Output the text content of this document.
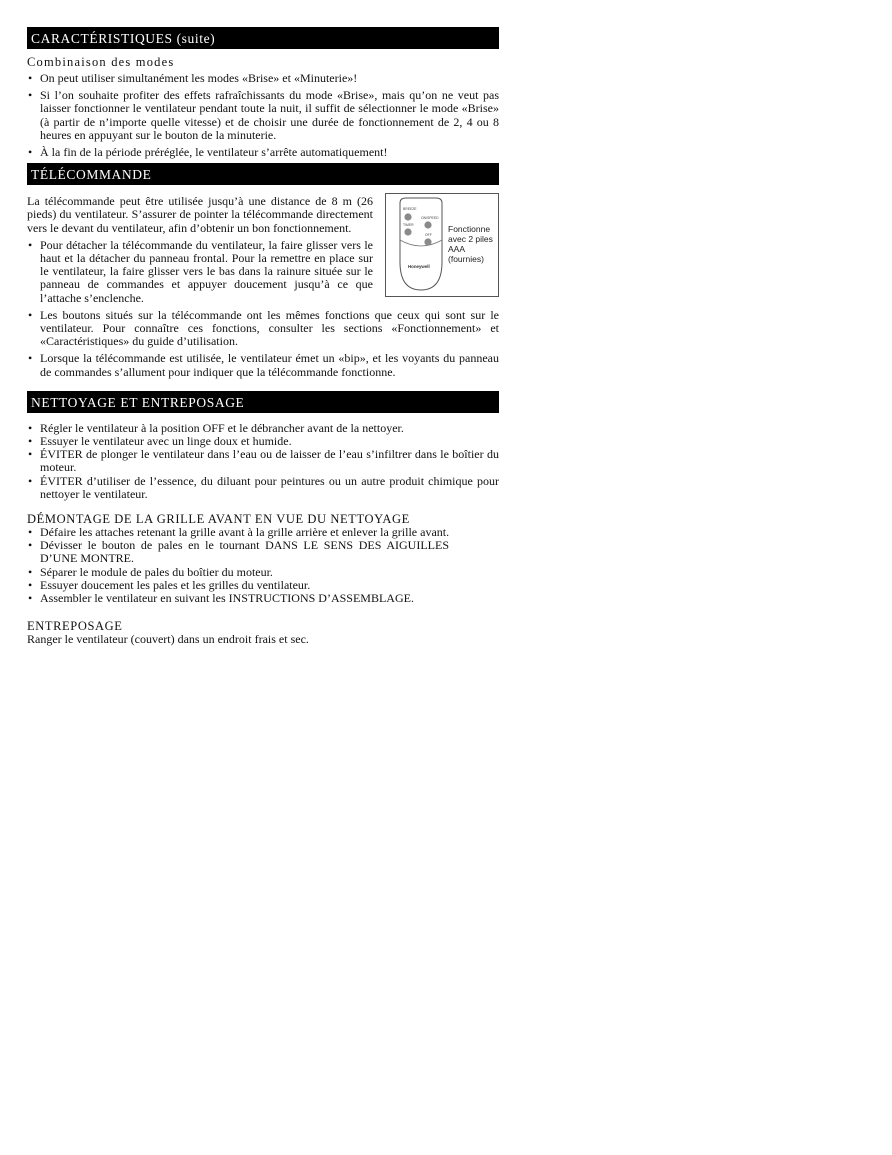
CARACTÉRISTIQUES (suite)
Combinaison des modes
• On peut utiliser simultanément les modes «Brise» et «Minuterie»!
• Si l’on souhaite profiter des effets rafraîchissants du mode «Brise», mais qu’on ne veut pas laisser fonctionner le ventilateur pendant toute la nuit, il suffit de sélectionner le mode «Brise» (à partir de n’importe quelle vitesse) et de choisir une durée de fonctionnement de 2, 4 ou 8 heures en appuyant sur le bouton de la minuterie.
• À la fin de la période préréglée, le ventilateur s’arrête automatiquement!
TÉLÉCOMMANDE

La télécommande peut être utilisée jusqu’à une distance de 8 m (26 pieds) du ventilateur. S’assurer de pointer la télécommande directement vers le devant du ventilateur, afin d’obtenir un bon fonctionnement.

• Pour détacher la télécommande du ventilateur, la faire glisser vers le haut et la détacher du panneau frontal. Pour la remettre en place sur le ventilateur, la faire glisser vers le bas dans la rainure située sur le panneau de commandes et appuyer doucement jusqu’à ce que l’attache s’enclenche.
BREEZE
TIMER
ON/SPEED
OFF
Honeywell
Fonctionne avec 2 piles AAA (fournies)
• Les boutons situés sur la télécommande ont les mêmes fonctions que ceux qui sont sur le ventilateur. Pour connaître ces fonctions, consulter les sections «Fonctionnement» et «Caractéristiques» du guide d’utilisation.
• Lorsque la télécommande est utilisée, le ventilateur émet un «bip», et les voyants du panneau de commandes s’allument pour indiquer que la télécommande fonctionne.
NETTOYAGE ET ENTREPOSAGE
• Régler le ventilateur à la position OFF et le débrancher avant de la nettoyer.
• Essuyer le ventilateur avec un linge doux et humide.
• ÉVITER de plonger le ventilateur dans l’eau ou de laisser de l’eau s’infiltrer dans le boîtier du moteur.
• ÉVITER d’utiliser de l’essence, du diluant pour peintures ou un autre produit chimique pour nettoyer le ventilateur.
DÉMONTAGE DE LA GRILLE AVANT EN VUE DU NETTOYAGE
• Défaire les attaches retenant la grille avant à la grille arrière et enlever la grille avant.
• Dévisser le bouton de pales en le tournant DANS LE SENS DES AIGUILLES D’UNE MONTRE.
• Séparer le module de pales du boîtier du moteur.
• Essuyer doucement les pales et les grilles du ventilateur.
• Assembler le ventilateur en suivant les INSTRUCTIONS D’ASSEMBLAGE.
ENTREPOSAGE

Ranger le ventilateur (couvert) dans un endroit frais et sec.
